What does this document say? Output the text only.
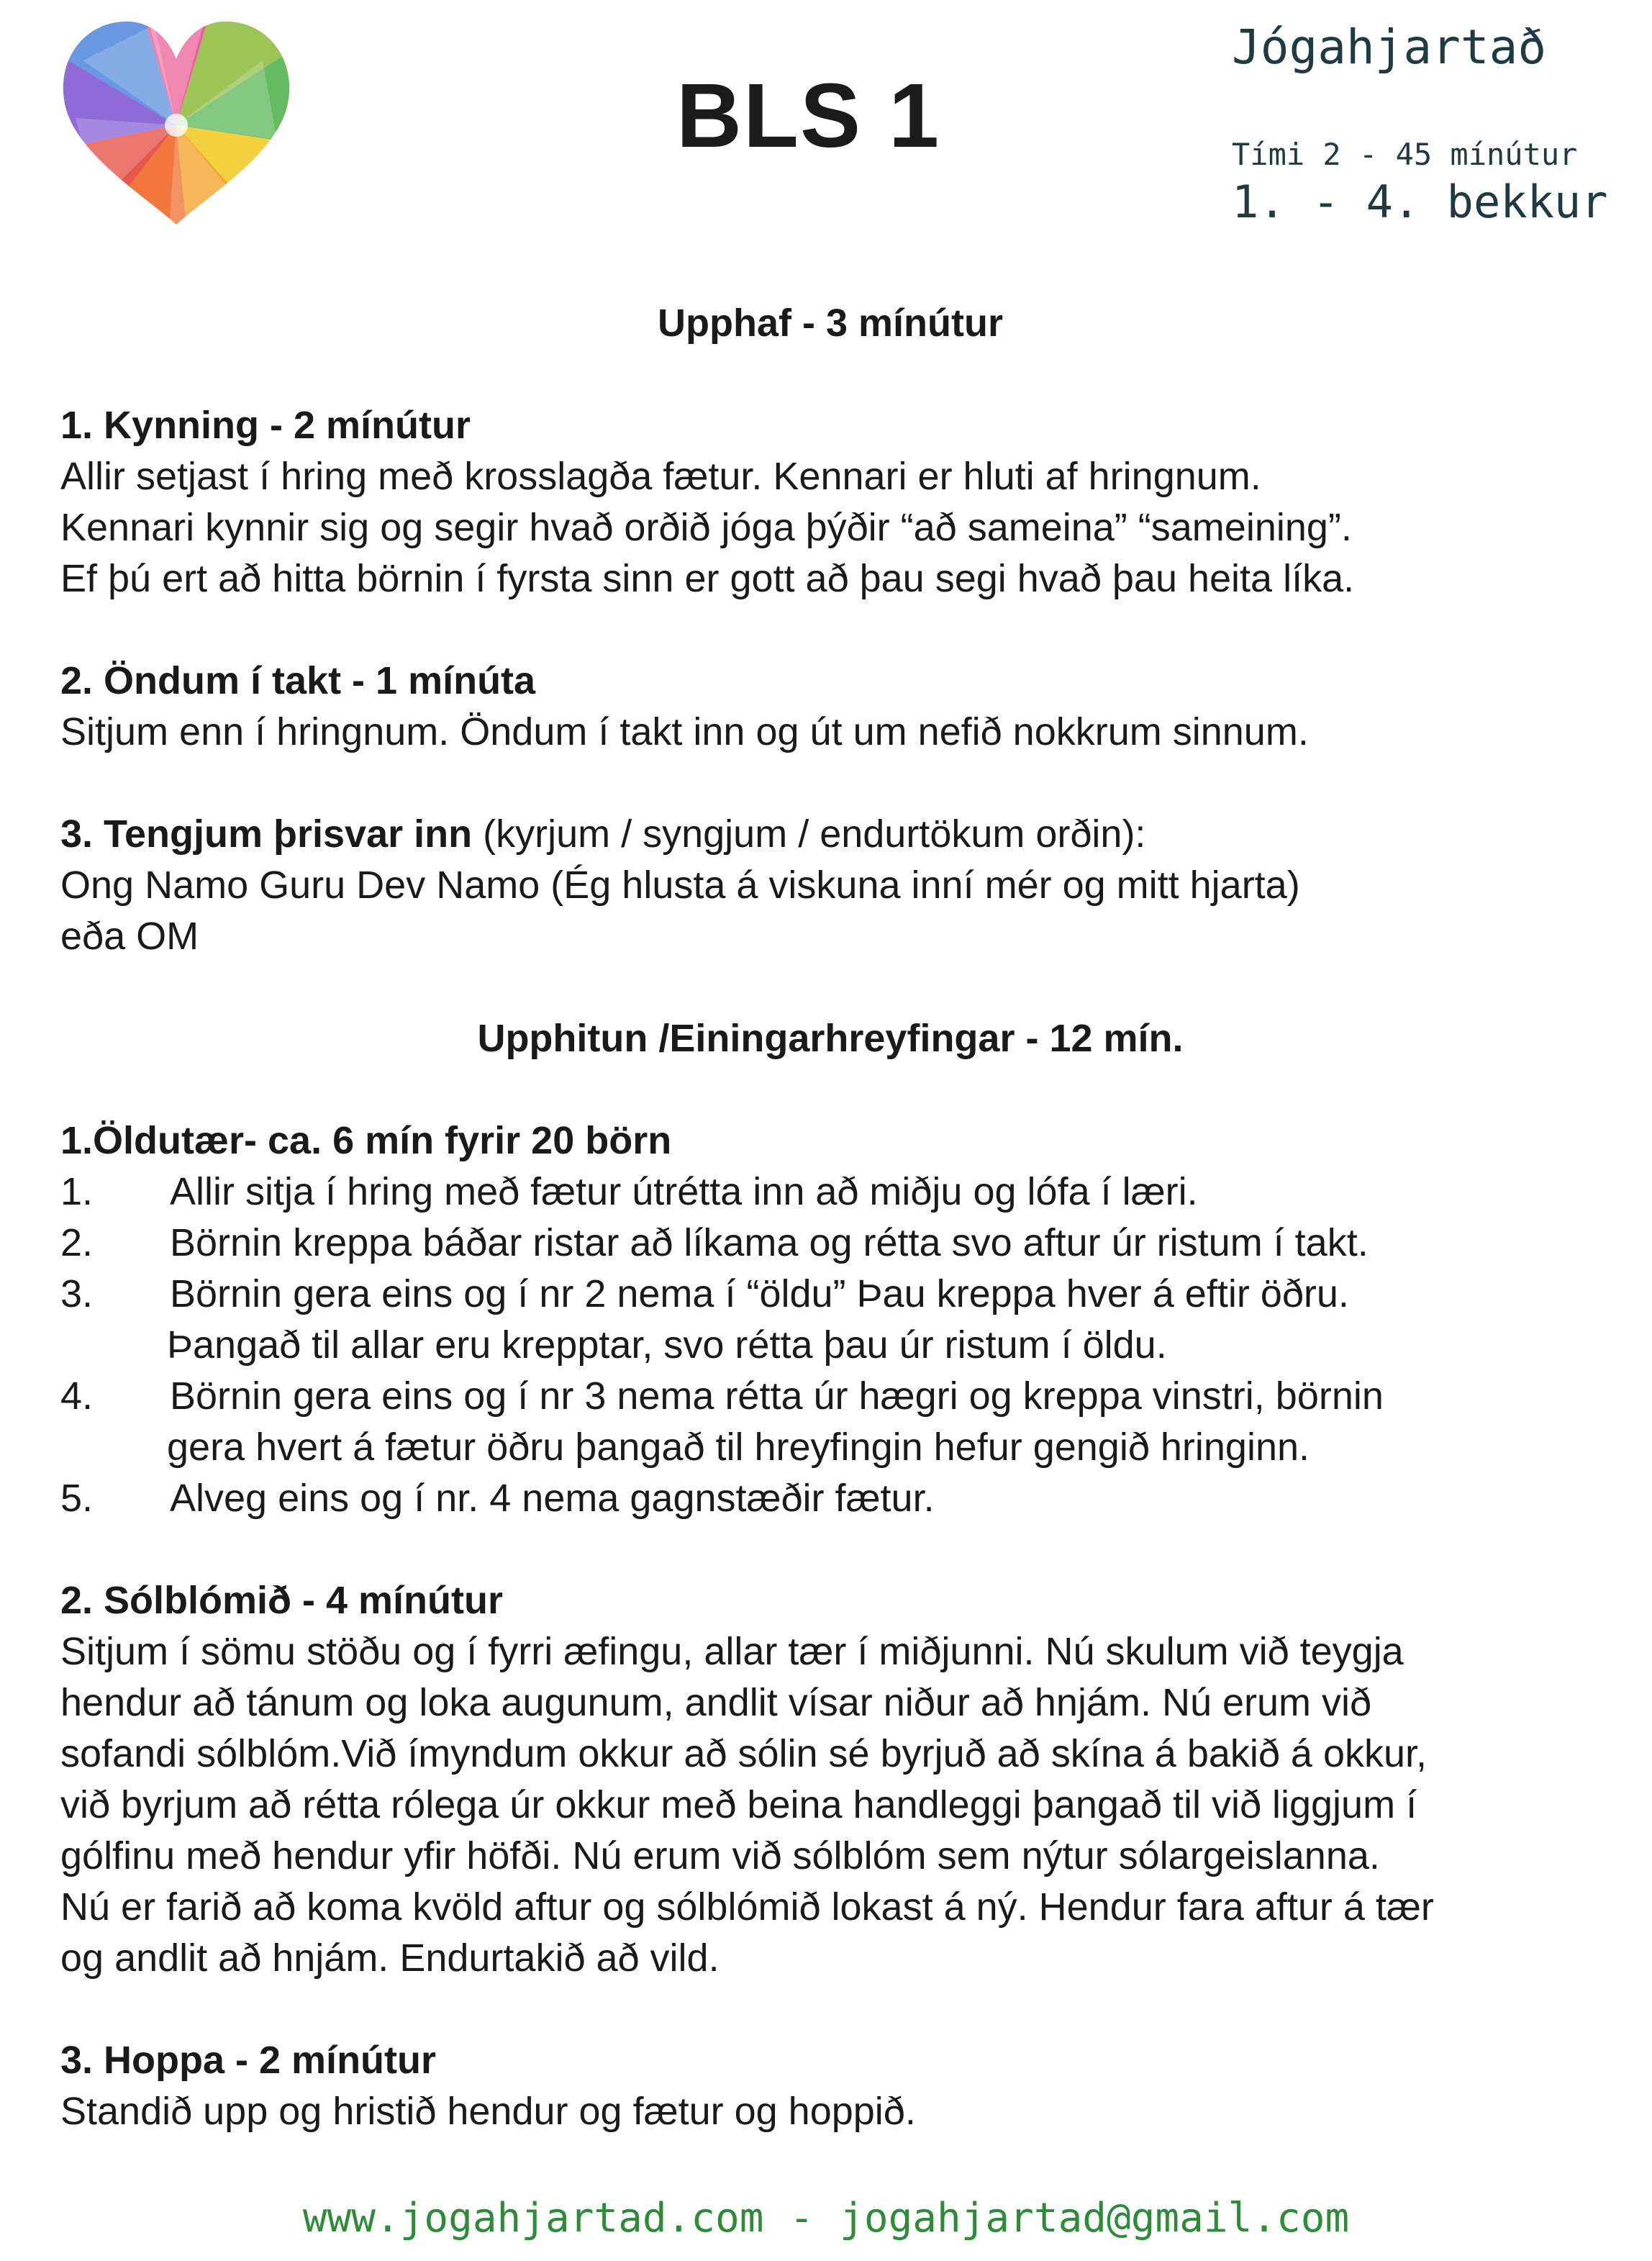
BLS 1
Jógahjartað
Tími 2 - 45 mínútur
1. - 4. bekkur

Upphaf - 3 mínútur

1. Kynning - 2 mínútur

Allir setjast í hring með krosslagða fætur. Kennari er hluti af hringnum.

Kennari kynnir sig og segir hvað orðið jóga þýðir “að sameina” “sameining”.

Ef þú ert að hitta börnin í fyrsta sinn er gott að þau segi hvað þau heita líka.

2. Öndum í takt - 1 mínúta

Sitjum enn í hringnum. Öndum í takt inn og út um nefið nokkrum sinnum.

3. Tengjum þrisvar inn (kyrjum / syngjum / endurtökum orðin):

Ong Namo Guru Dev Namo (Ég hlusta á viskuna inní mér og mitt hjarta)

eða OM

Upphitun /Einingarhreyfingar - 12 mín.

1.Öldutær- ca. 6 mín fyrir 20 börn

1.	Allir sitja í hring með fætur útrétta inn að miðju og lófa í læri.
2.	Börnin kreppa báðar ristar að líkama og rétta svo aftur úr ristum í takt.
3.	Börnin gera eins og í nr 2 nema í “öldu” Þau kreppa hver á eftir öðru.

Þangað til allar eru krepptar, svo rétta þau úr ristum í öldu.

4.	Börnin gera eins og í nr 3 nema rétta úr hægri og kreppa vinstri, börnin

gera hvert á fætur öðru þangað til hreyfingin hefur gengið hringinn.

5.	Alveg eins og í nr. 4 nema gagnstæðir fætur.

2. Sólblómið - 4 mínútur

Sitjum í sömu stöðu og í fyrri æfingu, allar tær í miðjunni. Nú skulum við teygja

hendur að tánum og loka augunum, andlit vísar niður að hnjám. Nú erum við

sofandi sólblóm.Við ímyndum okkur að sólin sé byrjuð að skína á bakið á okkur,

við byrjum að rétta rólega úr okkur með beina handleggi þangað til við liggjum í

gólfinu með hendur yfir höfði. Nú erum við sólblóm sem nýtur sólargeislanna.

Nú er farið að koma kvöld aftur og sólblómið lokast á ný. Hendur fara aftur á tær

og andlit að hnjám. Endurtakið að vild.

3. Hoppa - 2 mínútur

Standið upp og hristið hendur og fætur og hoppið.

www.jogahjartad.com - jogahjartad@gmail.com
